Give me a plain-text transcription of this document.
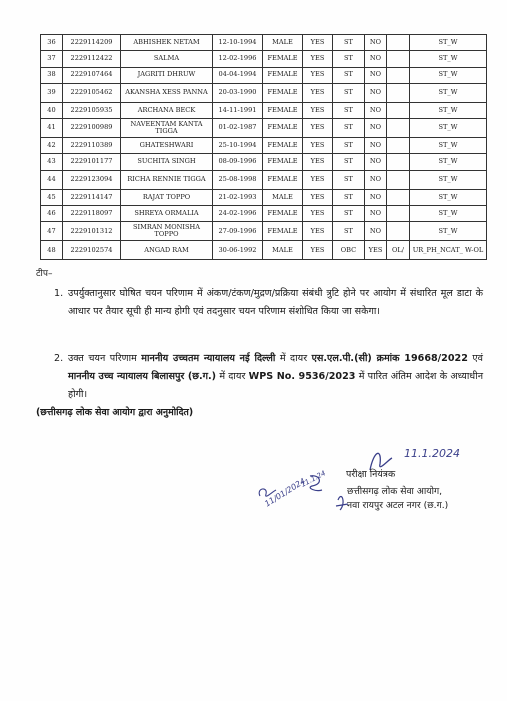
36	2229114209	ABHISHEK NETAM	12-10-1994	MALE	YES	ST	NO		ST_W
37	2229112422	SALMA	12-02-1996	FEMALE	YES	ST	NO		ST_W
38	2229107464	JAGRITI DHRUW	04-04-1994	FEMALE	YES	ST	NO		ST_W
39	2229105462	AKANSHA XESS PANNA	20-03-1990	FEMALE	YES	ST	NO		ST_W
40	2229105935	ARCHANA BECK	14-11-1991	FEMALE	YES	ST	NO		ST_W
41	2229100989	NAVEENTAM KANTA TIGGA	01-02-1987	FEMALE	YES	ST	NO		ST_W
42	2229110389	GHATESHWARI	25-10-1994	FEMALE	YES	ST	NO		ST_W
43	2229101177	SUCHITA SINGH	08-09-1996	FEMALE	YES	ST	NO		ST_W
44	2229123094	RICHA RENNIE TIGGA	25-08-1998	FEMALE	YES	ST	NO		ST_W
45	2229114147	RAJAT TOPPO	21-02-1993	MALE	YES	ST	NO		ST_W
46	2229118097	SHREYA ORMALIA	24-02-1996	FEMALE	YES	ST	NO		ST_W
47	2229101312	SIMRAN MONISHA TOPPO	27-09-1996	FEMALE	YES	ST	NO		ST_W
48	2229102574	ANGAD RAM	30-06-1992	MALE	YES	OBC	YES	OL/	UR_PH_NCAT_ W-OL
टीप–
1. उपर्युक्तानुसार घोषित चयन परिणाम में अंकण/टंकण/मुद्रण/प्रक्रिया संबंधी त्रुटि होने पर आयोग में संधारित मूल डाटा के आधार पर तैयार सूची ही मान्य होगी एवं तदनुसार चयन परिणाम संशोधित किया जा सकेगा।
2. उक्त चयन परिणाम माननीय उच्चतम न्यायालय नई दिल्ली में दायर एस.एल.पी.(सी) क्रमांक 19668/2022 एवं माननीय उच्च न्यायालय बिलासपुर (छ.ग.) में दायर WPS No. 9536/2023 में पारित अंतिम आदेश के अध्याधीन होगी।
(छत्तीसगढ़ लोक सेवा आयोग द्वारा अनुमोदित)
11.1.2024
परीक्षा नियंत्रक
छत्तीसगढ़ लोक सेवा आयोग,
नवा रायपुर अटल नगर (छ.ग.)
11.1.24
11/01/2024
